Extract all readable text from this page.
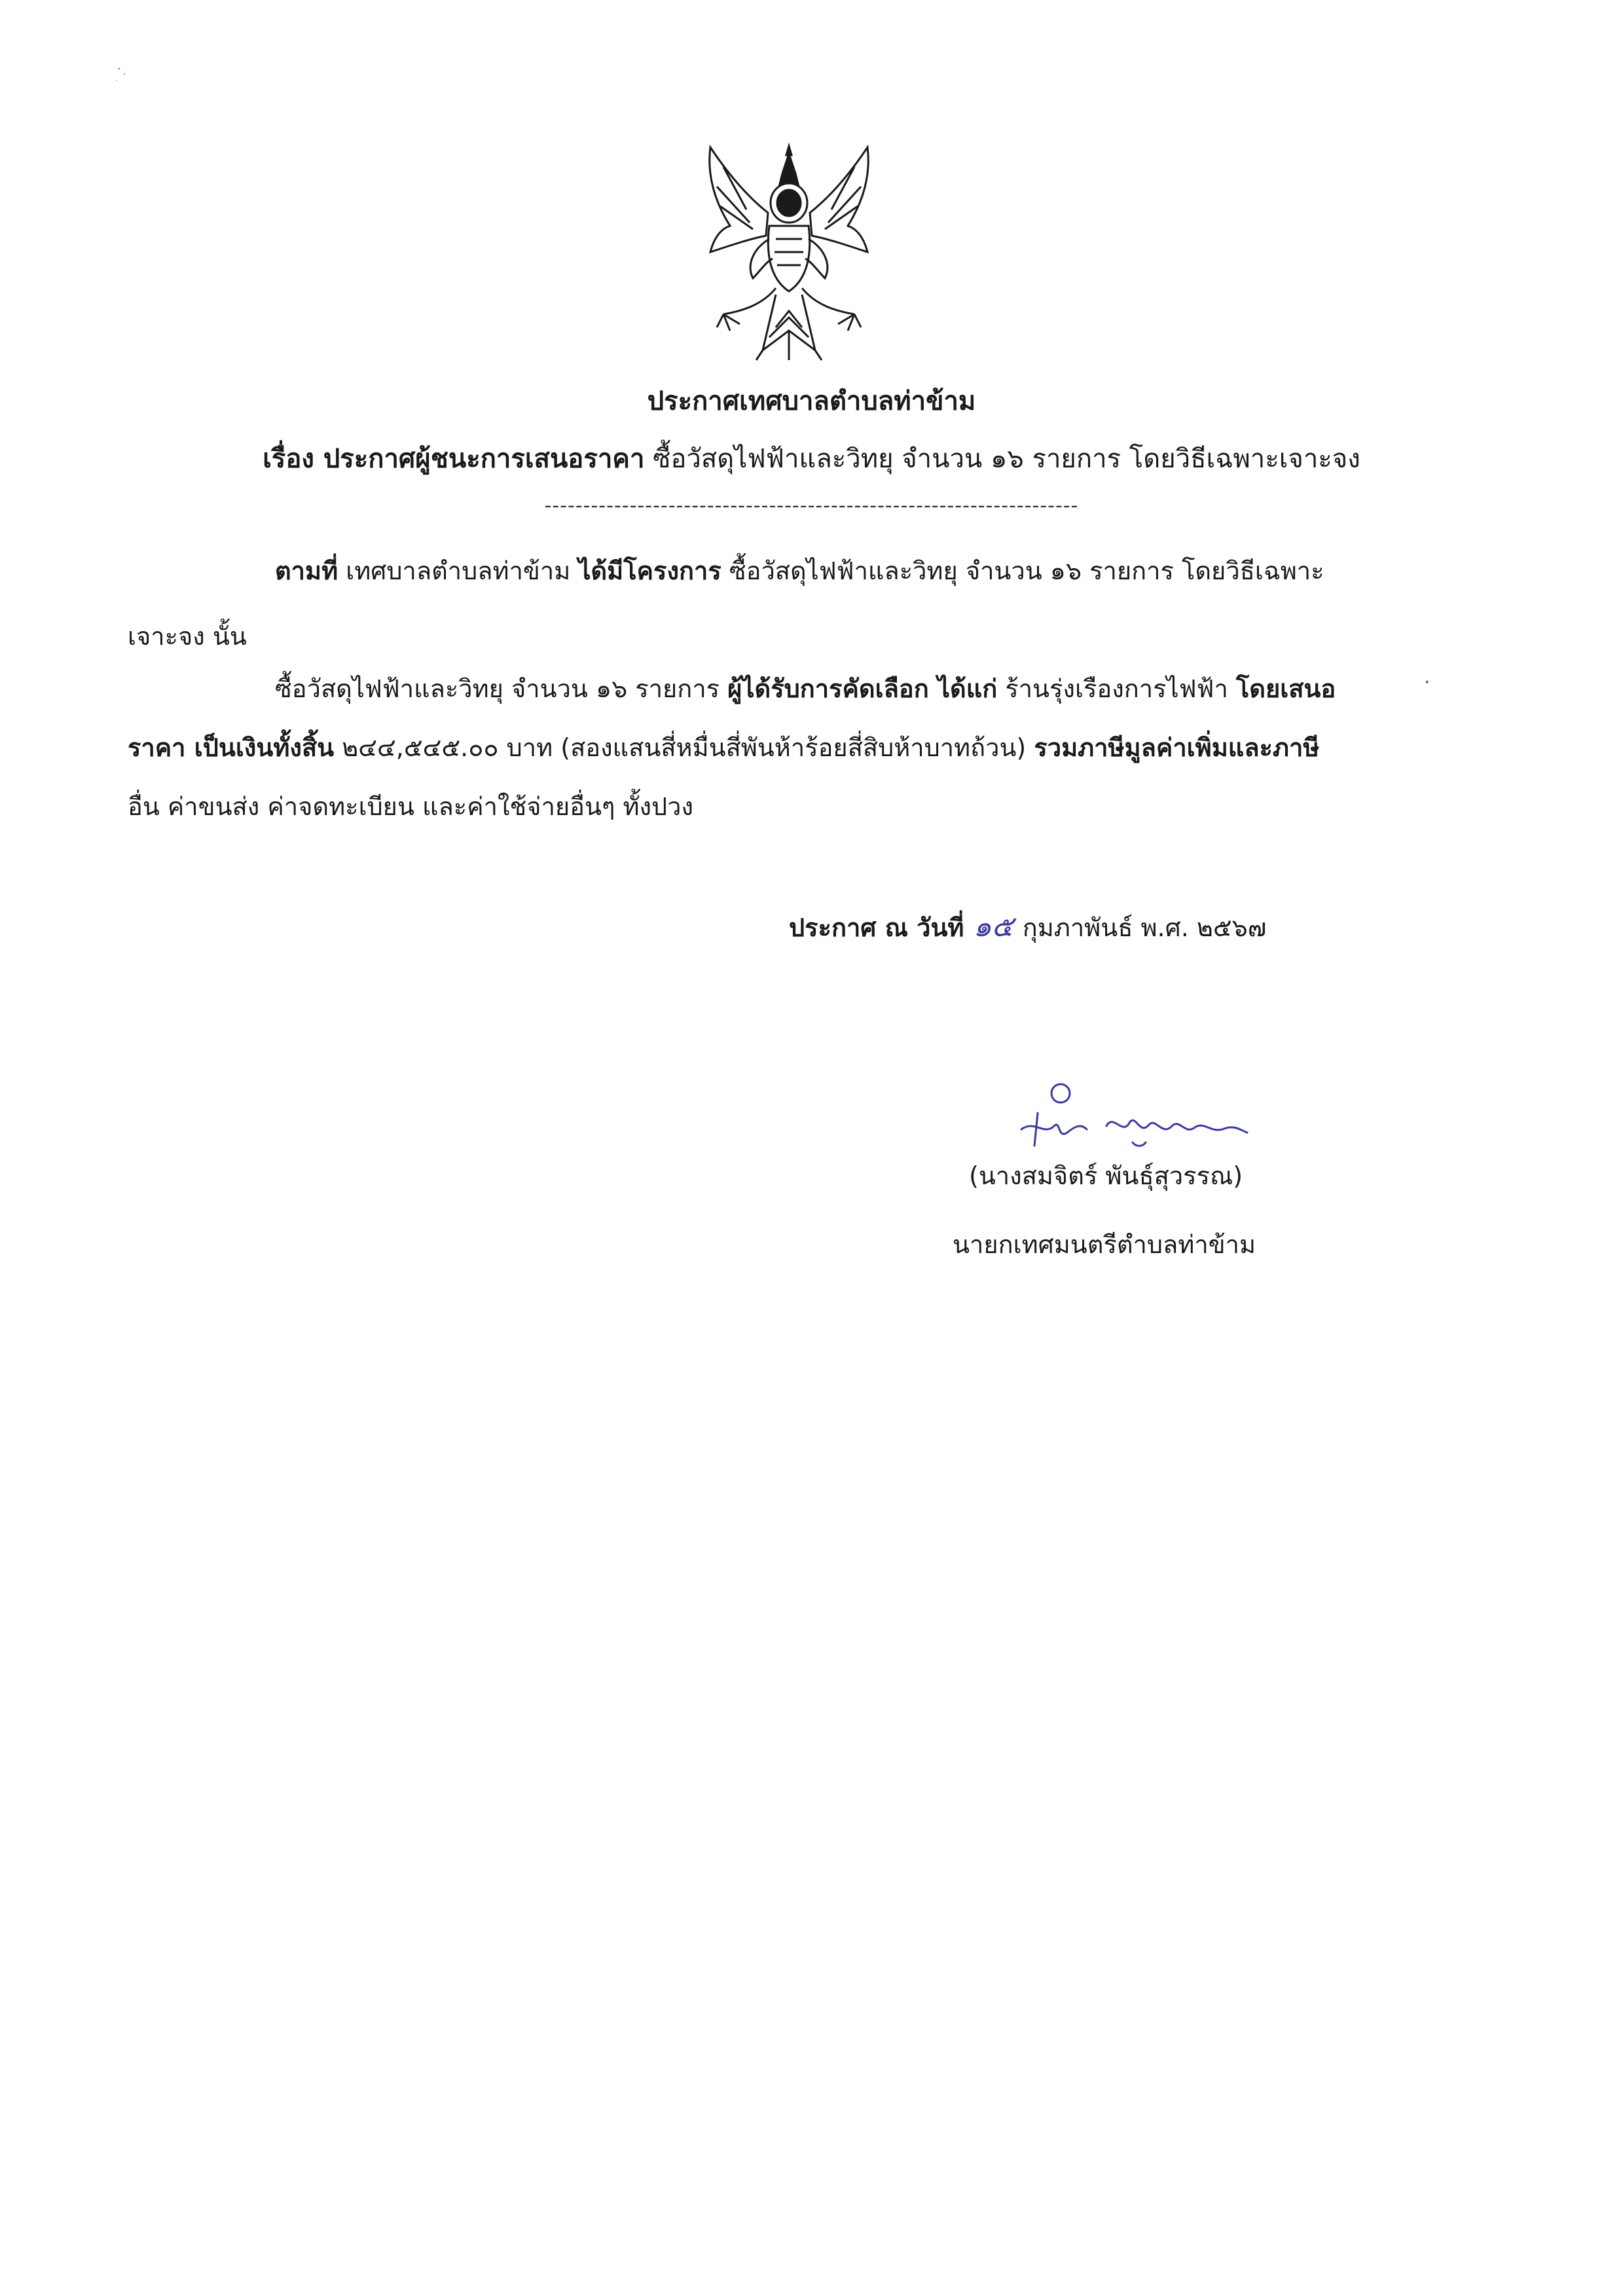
ประกาศเทศบาลตำบลท่าข้าม
เรื่อง ประกาศผู้ชนะการเสนอราคา ซื้อวัสดุไฟฟ้าและวิทยุ จำนวน ๑๖ รายการ โดยวิธีเฉพาะเจาะจง
---------------------------------------------------------------------
ตามที่ เทศบาลตำบลท่าข้าม ได้มีโครงการ ซื้อวัสดุไฟฟ้าและวิทยุ จำนวน ๑๖ รายการ โดยวิธีเฉพาะ
เจาะจง นั้น
ซื้อวัสดุไฟฟ้าและวิทยุ จำนวน ๑๖ รายการ ผู้ได้รับการคัดเลือก ได้แก่ ร้านรุ่งเรืองการไฟฟ้า โดยเสนอ
ราคา เป็นเงินทั้งสิ้น ๒๔๔,๕๔๕.๐๐ บาท (สองแสนสี่หมื่นสี่พันห้าร้อยสี่สิบห้าบาทถ้วน) รวมภาษีมูลค่าเพิ่มและภาษี
อื่น ค่าขนส่ง ค่าจดทะเบียน และค่าใช้จ่ายอื่นๆ ทั้งปวง
·
ประกาศ ณ วันที่ ๑๕ กุมภาพันธ์ พ.ศ. ๒๕๖๗
(นางสมจิตร์ พันธุ์สุวรรณ)
นายกเทศมนตรีตำบลท่าข้าม
